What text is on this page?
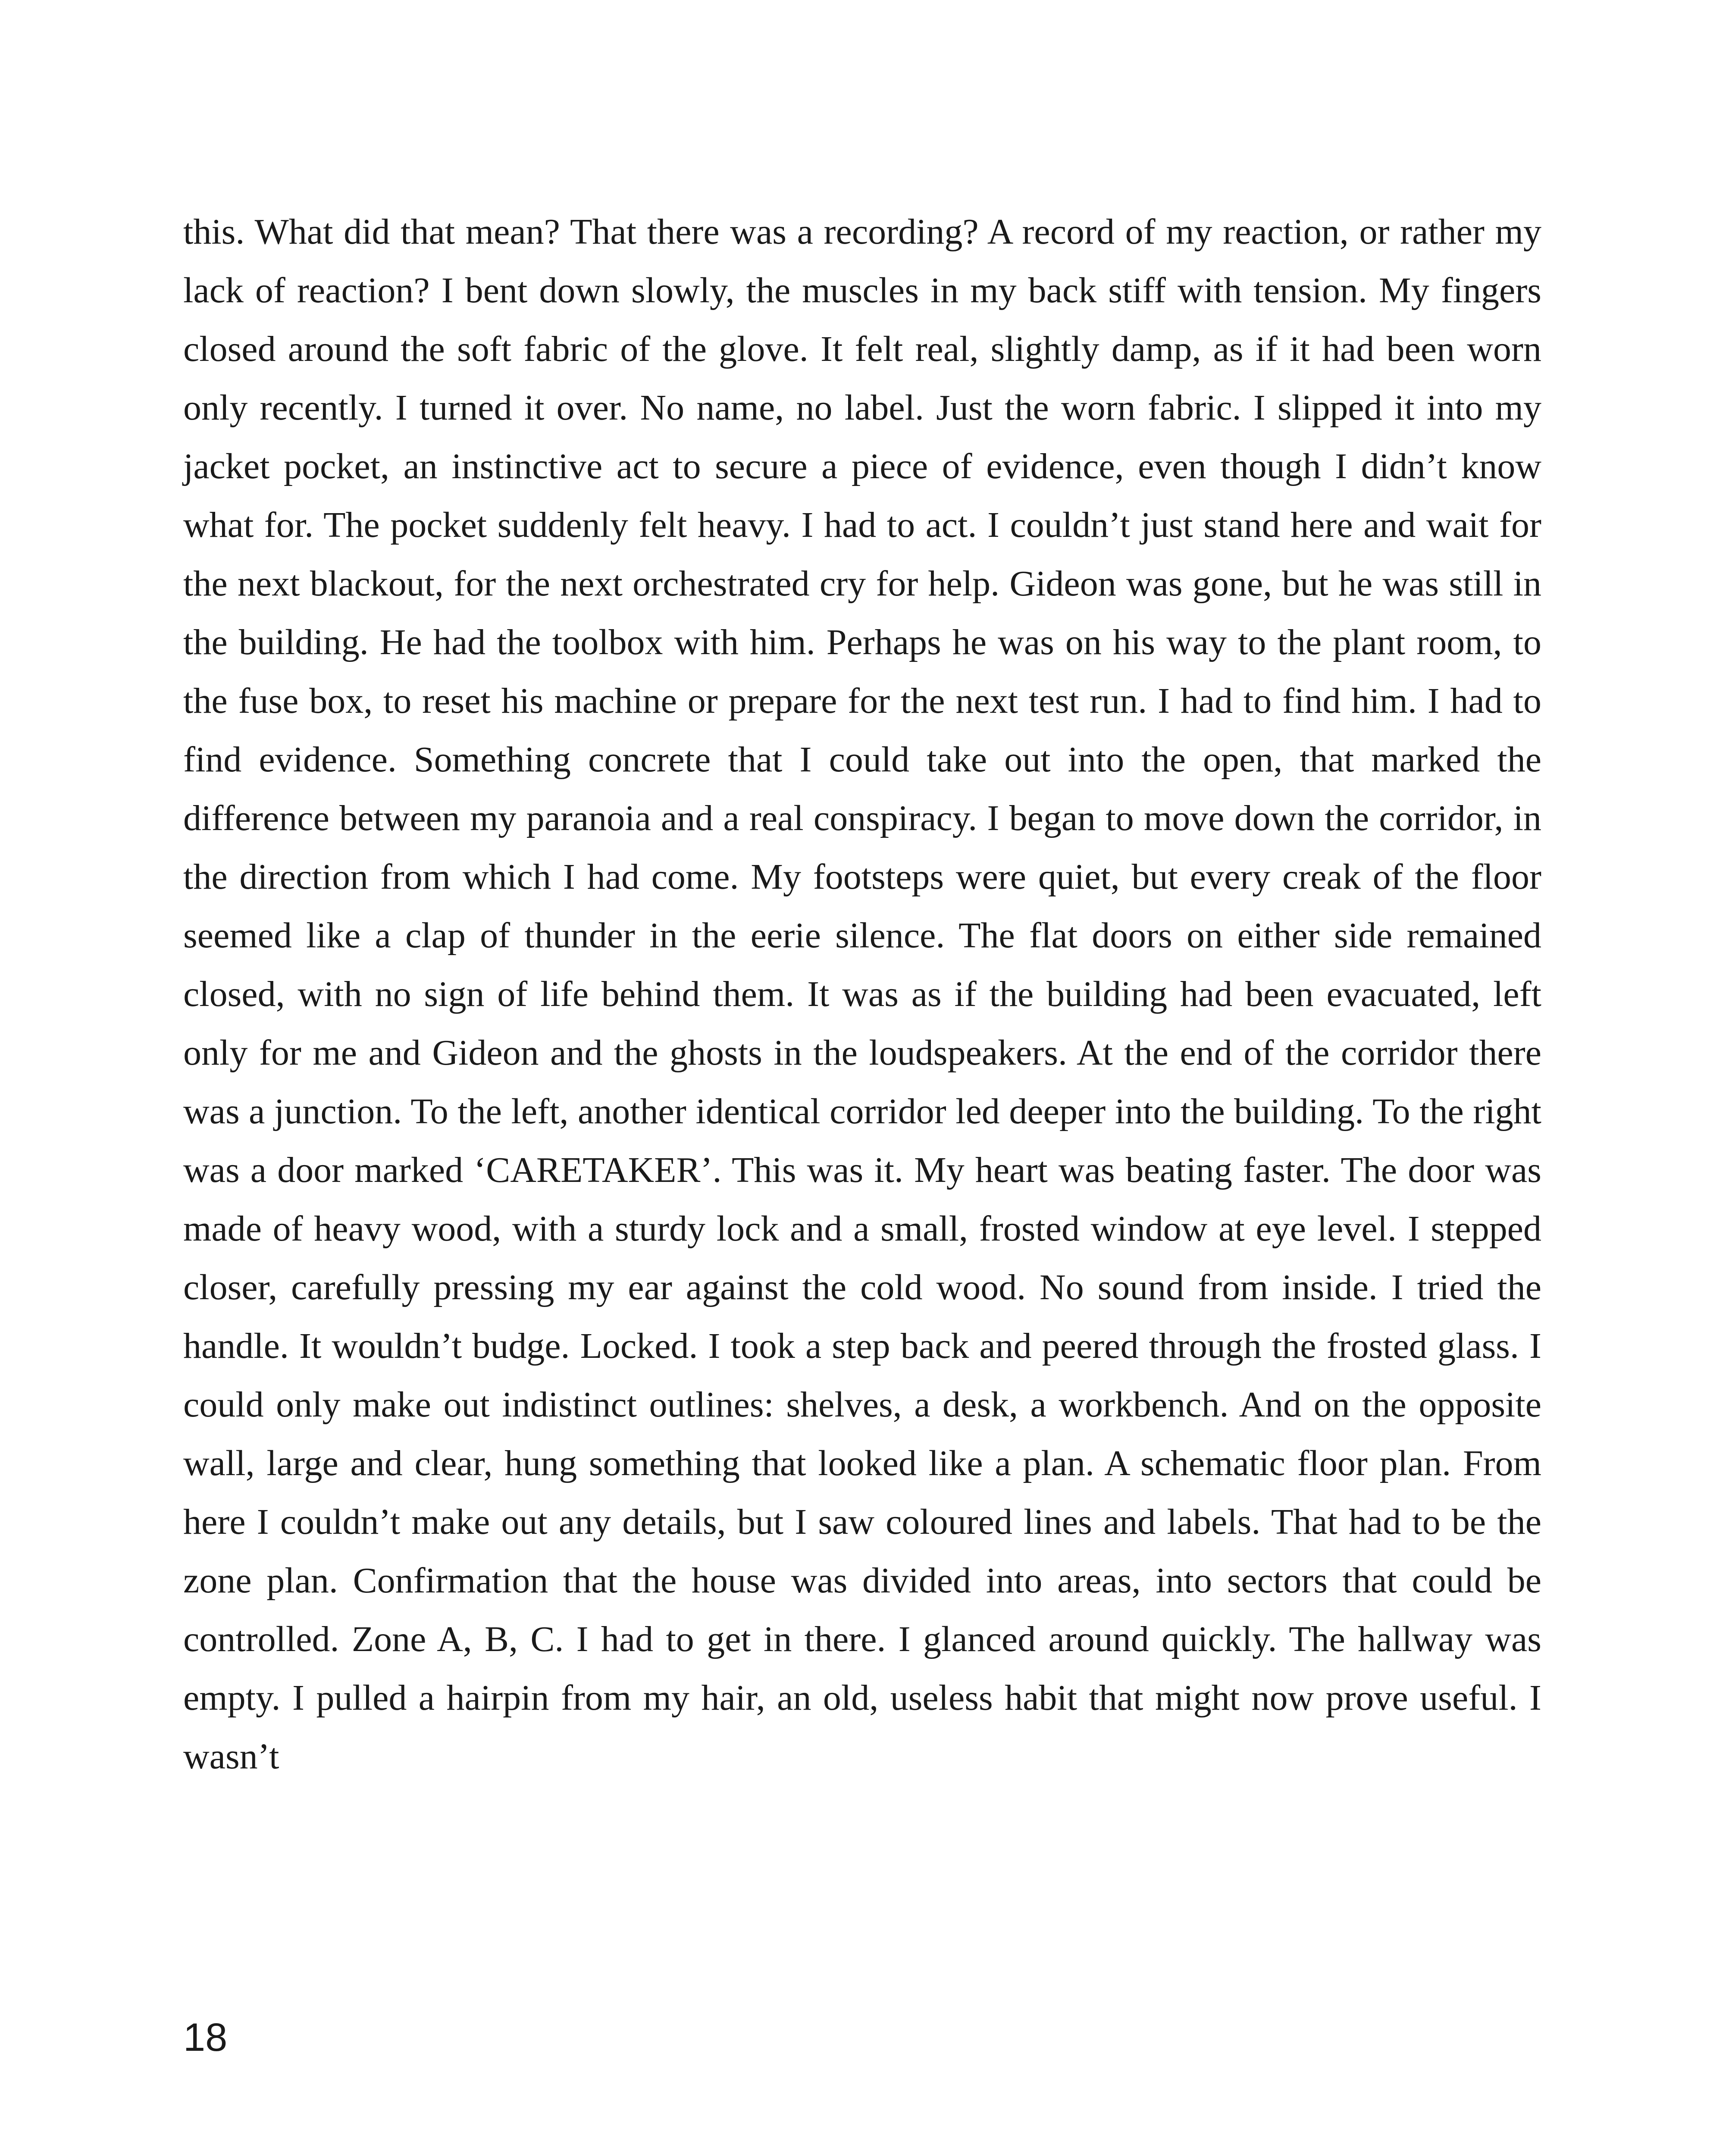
this. What did that mean? That there was a recording? A record of my reaction, or rather my lack of reaction? I bent down slowly, the muscles in my back stiff with tension. My fingers closed around the soft fabric of the glove. It felt real, slightly damp, as if it had been worn only recently. I turned it over. No name, no label. Just the worn fabric. I slipped it into my jacket pocket, an instinctive act to secure a piece of evidence, even though I didn’t know what for. The pocket suddenly felt heavy. I had to act. I couldn’t just stand here and wait for the next blackout, for the next orchestrated cry for help. Gideon was gone, but he was still in the building. He had the toolbox with him. Perhaps he was on his way to the plant room, to the fuse box, to reset his machine or prepare for the next test run. I had to find him. I had to find evidence. Something concrete that I could take out into the open, that marked the difference between my paranoia and a real conspiracy. I began to move down the corridor, in the direction from which I had come. My footsteps were quiet, but every creak of the floor seemed like a clap of thunder in the eerie silence. The flat doors on either side remained closed, with no sign of life behind them. It was as if the building had been evacuated, left only for me and Gideon and the ghosts in the loudspeakers. At the end of the corridor there was a junction. To the left, another identical corridor led deeper into the building. To the right was a door marked ‘CARETAKER’. This was it. My heart was beating faster. The door was made of heavy wood, with a sturdy lock and a small, frosted window at eye level. I stepped closer, carefully pressing my ear against the cold wood. No sound from inside. I tried the handle. It wouldn’t budge. Locked. I took a step back and peered through the frosted glass. I could only make out indistinct outlines: shelves, a desk, a workbench. And on the opposite wall, large and clear, hung something that looked like a plan. A schematic floor plan. From here I couldn’t make out any details, but I saw coloured lines and labels. That had to be the zone plan. Confirmation that the house was divided into areas, into sectors that could be controlled. Zone A, B, C. I had to get in there. I glanced around quickly. The hallway was empty. I pulled a hairpin from my hair, an old, useless habit that might now prove useful. I wasn’t

18
